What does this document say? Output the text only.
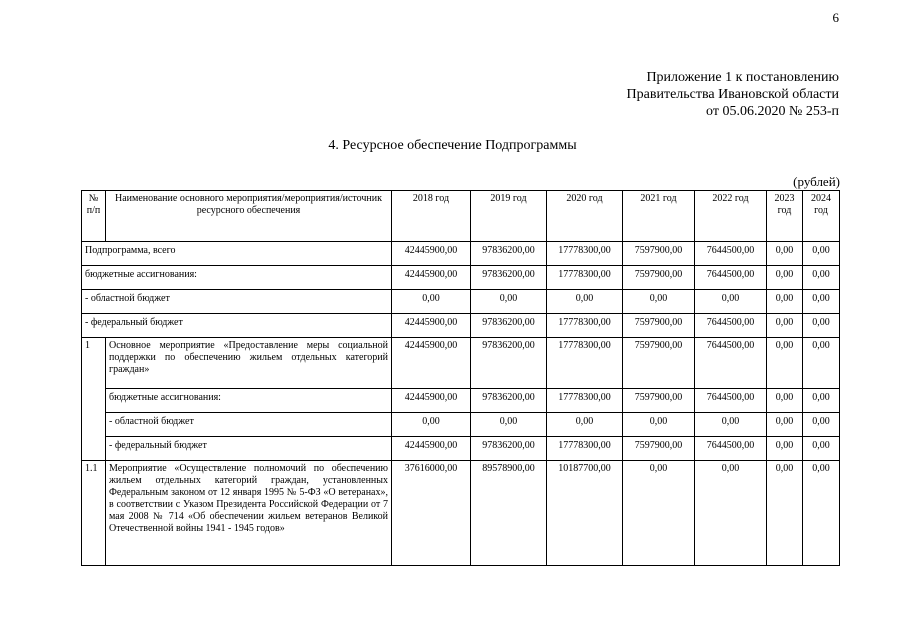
6
Приложение 1 к постановлению
Правительства Ивановской области
от 05.06.2020 № 253-п
4. Ресурсное обеспечение Подпрограммы
(рублей)
№ п/п	Наименование основного мероприятия/мероприятия/источник ресурсного обеспечения	2018 год	2019 год	2020 год	2021 год	2022 год	2023 год	2024 год
Подпрограмма, всего		42445900,00	97836200,00	17778300,00	7597900,00	7644500,00	0,00	0,00
бюджетные ассигнования:		42445900,00	97836200,00	17778300,00	7597900,00	7644500,00	0,00	0,00
- областной бюджет		0,00	0,00	0,00	0,00	0,00	0,00	0,00
- федеральный бюджет		42445900,00	97836200,00	17778300,00	7597900,00	7644500,00	0,00	0,00
1	Основное мероприятие «Предоставление меры социальной поддержки по обеспечению жильем отдельных категорий граждан»	42445900,00	97836200,00	17778300,00	7597900,00	7644500,00	0,00	0,00
	бюджетные ассигнования:	42445900,00	97836200,00	17778300,00	7597900,00	7644500,00	0,00	0,00
	- областной бюджет	0,00	0,00	0,00	0,00	0,00	0,00	0,00
	- федеральный бюджет	42445900,00	97836200,00	17778300,00	7597900,00	7644500,00	0,00	0,00
1.1	Мероприятие «Осуществление полномочий по обеспечению жильем отдельных категорий граждан, установленных Федеральным законом от 12 января 1995 № 5-ФЗ «О ветеранах», в соответствии с Указом Президента Российской Федерации от 7 мая 2008 № 714 «Об обеспечении жильем ветеранов Великой Отечественной войны 1941 - 1945 годов»	37616000,00	89578900,00	10187700,00	0,00	0,00	0,00	0,00
